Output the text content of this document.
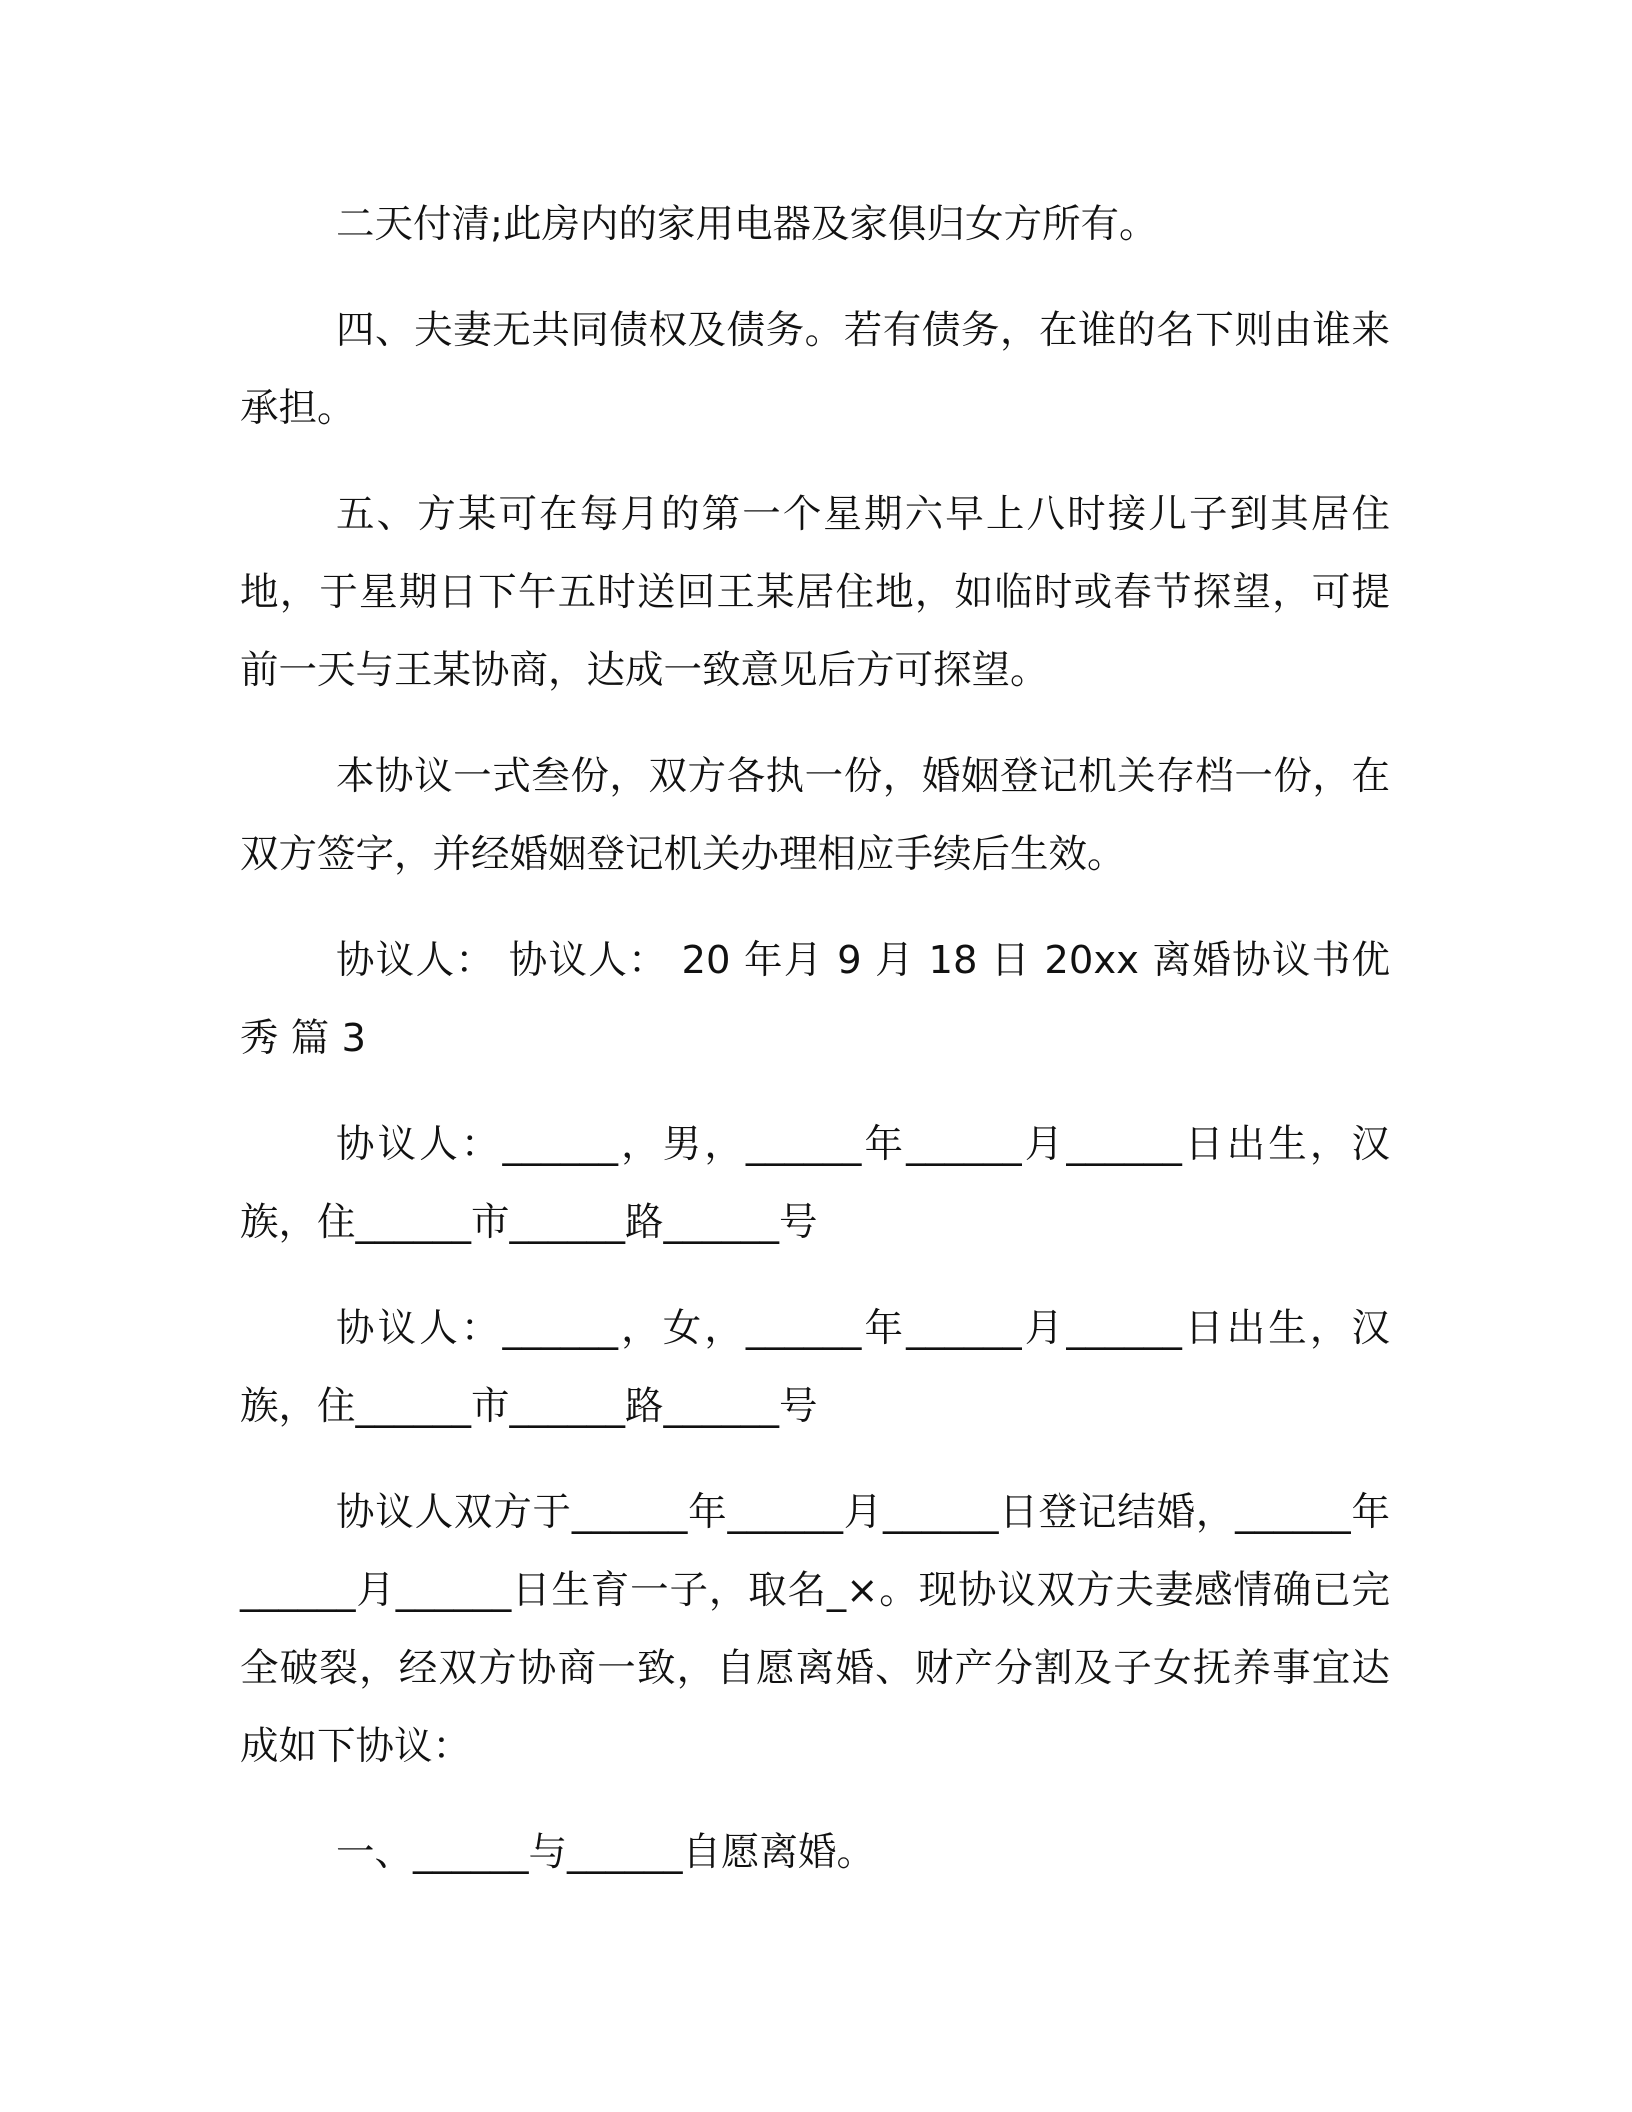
二天付清;此房内的家用电器及家俱归女方所有。

四、夫妻无共同债权及债务。若有债务，在谁的名下则由谁来承担。

五、方某可在每月的第一个星期六早上八时接儿子到其居住地，于星期日下午五时送回王某居住地，如临时或春节探望，可提前一天与王某协商，达成一致意见后方可探望。

本协议一式叁份，双方各执一份，婚姻登记机关存档一份，在双方签字，并经婚姻登记机关办理相应手续后生效。

协议人： 协议人： 20 年月 9 月 18 日 20xx 离婚协议书优秀 篇 3

协议人：______，男，______年______月______日出生，汉族，住______市______路______号

协议人：______，女，______年______月______日出生，汉族，住______市______路______号

协议人双方于______年______月______日登记结婚，______年______月______日生育一子，取名_×。现协议双方夫妻感情确已完全破裂，经双方协商一致，自愿离婚、财产分割及子女抚养事宜达成如下协议：

一、______与______自愿离婚。
